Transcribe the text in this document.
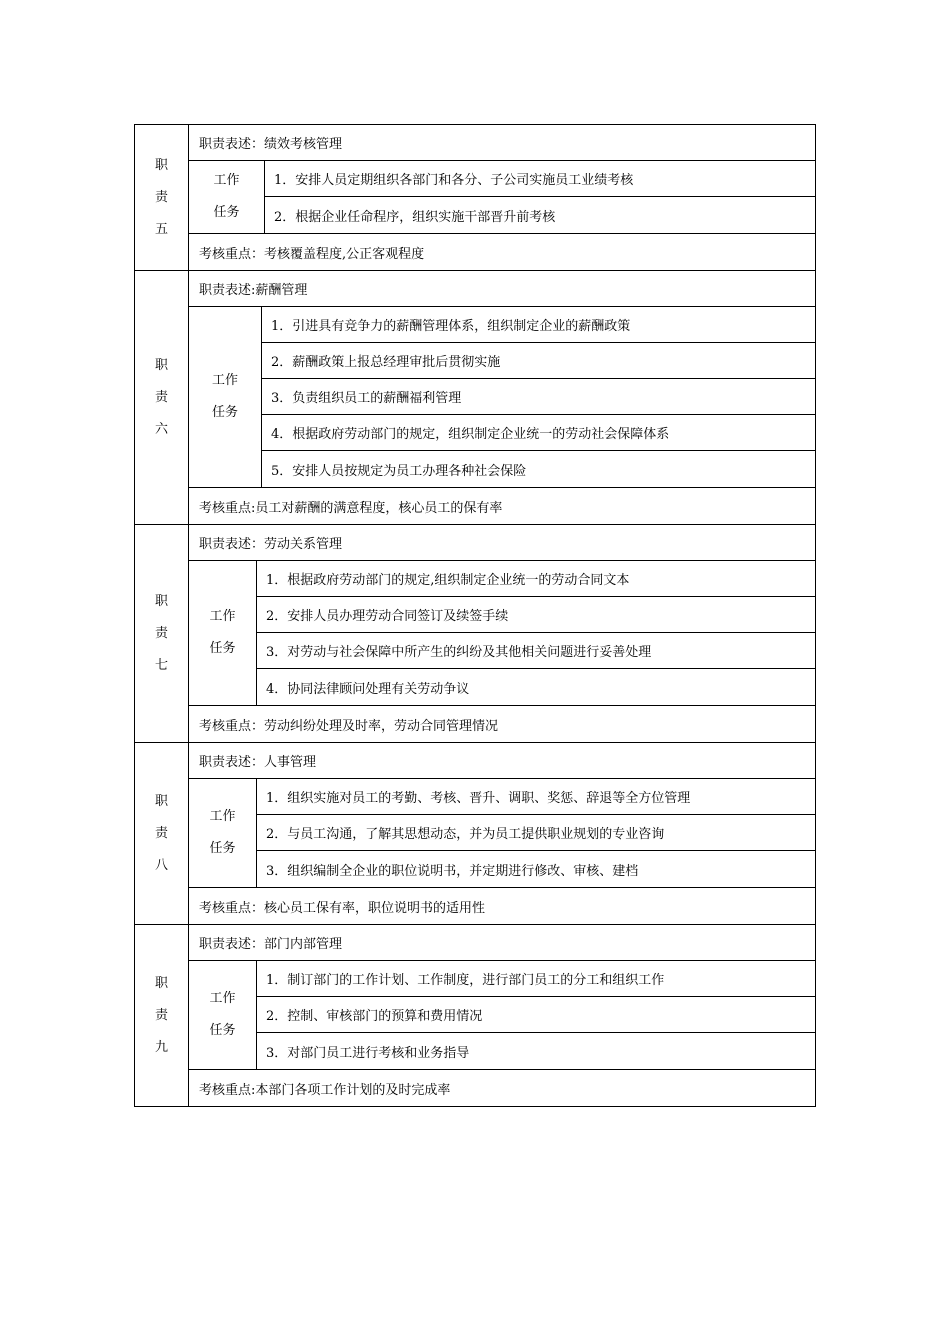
职
责
五
职责表述：绩效考核管理
工作
任务
1．安排人员定期组织各部门和各分、子公司实施员工业绩考核
2．根据企业任命程序，组织实施干部晋升前考核
考核重点：考核覆盖程度,公正客观程度
职
责
六
职责表述:薪酬管理
工作
任务
1．引进具有竞争力的薪酬管理体系，组织制定企业的薪酬政策
2．薪酬政策上报总经理审批后贯彻实施
3．负责组织员工的薪酬福利管理
4．根据政府劳动部门的规定，组织制定企业统一的劳动社会保障体系
5．安排人员按规定为员工办理各种社会保险
考核重点:员工对薪酬的满意程度，核心员工的保有率
职
责
七
职责表述：劳动关系管理
工作
任务
1．根据政府劳动部门的规定,组织制定企业统一的劳动合同文本
2．安排人员办理劳动合同签订及续签手续
3．对劳动与社会保障中所产生的纠纷及其他相关问题进行妥善处理
4．协同法律顾问处理有关劳动争议
考核重点：劳动纠纷处理及时率，劳动合同管理情况
职
责
八
职责表述：人事管理
工作
任务
1．组织实施对员工的考勤、考核、晋升、调职、奖惩、辞退等全方位管理
2．与员工沟通，了解其思想动态，并为员工提供职业规划的专业咨询
3．组织编制全企业的职位说明书，并定期进行修改、审核、建档
考核重点：核心员工保有率，职位说明书的适用性
职
责
九
职责表述：部门内部管理
工作
任务
1．制订部门的工作计划、工作制度，进行部门员工的分工和组织工作
2．控制、审核部门的预算和费用情况
3．对部门员工进行考核和业务指导
考核重点:本部门各项工作计划的及时完成率
